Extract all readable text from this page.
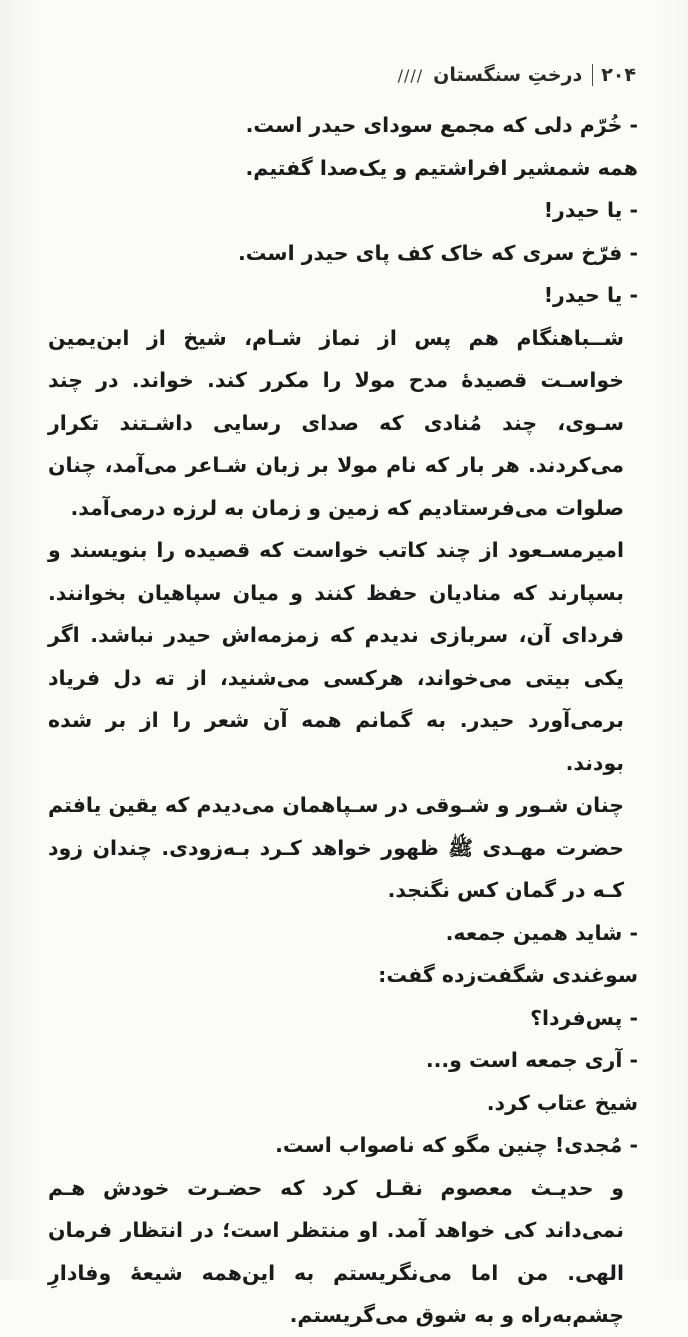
۲۰۴
درختِ سنگستان
////

- خُرّم دلی که مجمع سودای حیدر است.

همه شمشیر افراشتیم و یک‌صدا گفتیم.

- یا حیدر!

- فرّخ سری که خاک کف پای حیدر است.

- یا حیدر!

شــباهنگام هم پس از نماز شـام، شیخ از ابن‌یمین خواسـت قصیدهٔ مدح مولا را مکرر کند. خواند. در چند سـوی، چند مُنادی که صدای رسایی داشـتند تکرار می‌کردند. هر بار که نام مولا بر زبان شـاعر می‌آمد، چنان صلوات می‌فرستادیم که زمین و زمان به لرزه درمی‌آمد.

امیرمسـعود از چند کاتب خواست که قصیده را بنویسند و بسپارند که منادیان حفظ کنند و میان سپاهیان بخوانند. فردای آن، سربازی ندیدم که زمزمه‌اش حیدر نباشد. اگر یکی بیتی می‌خواند، هرکسی می‌شنید، از ته دل فریاد برمی‌آورد حیدر. به گمانم همه آن شعر را از بر شده بودند.

چنان شـور و شـوقی در سـپاهمان می‌دیدم که یقین یافتم حضرت مهـدی ﷺ ظهور خواهد کـرد بـه‌زودی. چندان زود کـه در گمان کس نگنجد.

- شاید همین جمعه.

سوغندی شگفت‌زده گفت:

- پس‌فردا؟

- آری جمعه است و...

شیخ عتاب کرد.

- مُجدی! چنین مگو که ناصواب است.

و حدیـث معصوم نقـل کرد که حضـرت خودش هـم نمی‌داند کی خواهد آمد. او منتظر است؛ در انتظار فرمان الهی. من اما می‌نگریستم به این‌همه شیعهٔ وفادارِ چشم‌به‌راه و به شوق می‌گریستم.
